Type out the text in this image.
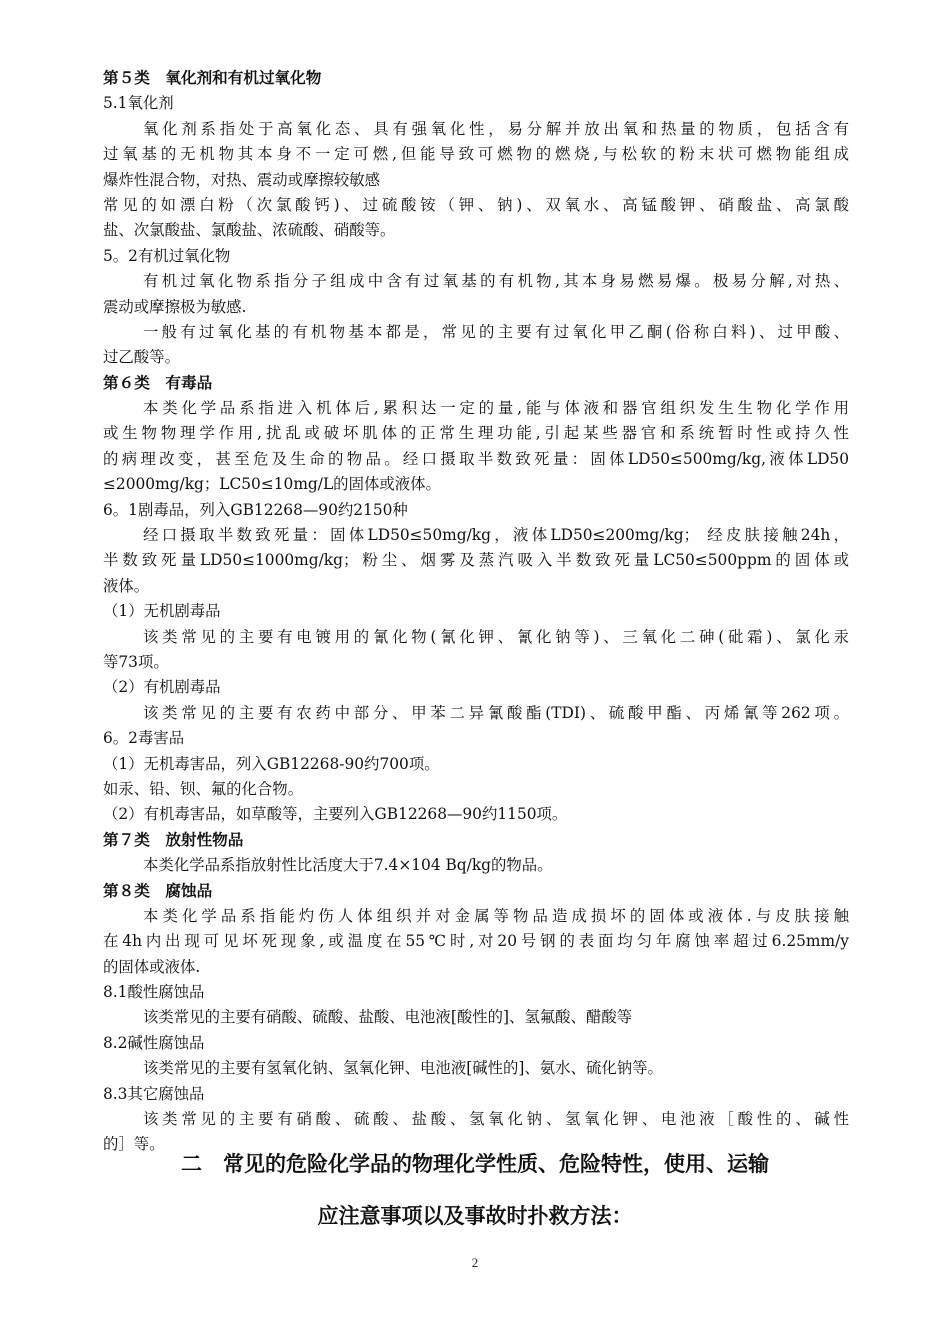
第５类　氧化剂和有机过氧化物
5.1氧化剂
氧化剂系指处于高氧化态、具有强氧化性，易分解并放出氧和热量的物质，包括含有
过氧基的无机物其本身不一定可燃,但能导致可燃物的燃烧,与松软的粉末状可燃物能组成
爆炸性混合物，对热、震动或摩擦较敏感
常见的如漂白粉（次氯酸钙)、过硫酸铵（钾、钠)、双氧水、高锰酸钾、硝酸盐、高氯酸
盐、次氯酸盐、氯酸盐、浓硫酸、硝酸等。
5。2有机过氧化物
有机过氧化物系指分子组成中含有过氧基的有机物,其本身易燃易爆。极易分解,对热、
震动或摩擦极为敏感.
一般有过氧化基的有机物基本都是，常见的主要有过氧化甲乙酮(俗称白料)、过甲酸、
过乙酸等。
第６类　有毒品
本类化学品系指进入机体后,累积达一定的量,能与体液和器官组织发生生物化学作用
或生物物理学作用,扰乱或破坏肌体的正常生理功能,引起某些器官和系统暂时性或持久性
的病理改变，甚至危及生命的物品。经口摄取半数致死量：固体LD50≤500mg/kg,液体LD50
≤2000mg/kg；LC50≤10mg/L的固体或液体。
6。1剧毒品，列入GB12268—90约2150种
经口摄取半数致死量：固体LD50≤50mg/kg，液体LD50≤200mg/kg； 经皮肤接触24h，
半数致死量LD50≤1000mg/kg；粉尘、烟雾及蒸汽吸入半数致死量LC50≤500ppm的固体或
液体。
（1）无机剧毒品
该类常见的主要有电镀用的氰化物(氰化钾、氰化钠等)、三氧化二砷(砒霜)、氯化汞
等73项。
（2）有机剧毒品
该类常见的主要有农药中部分、甲苯二异氰酸酯(TDI)、硫酸甲酯、丙烯氰等262项。
6。2毒害品
（1）无机毒害品，列入GB12268-90约700项。
如汞、铅、钡、氟的化合物。
（2）有机毒害品，如草酸等，主要列入GB12268—90约1150项。
第７类　放射性物品
本类化学品系指放射性比活度大于7.4×104 Bq/kg的物品。
第８类　腐蚀品
本类化学品系指能灼伤人体组织并对金属等物品造成损坏的固体或液体.与皮肤接触
在4h内出现可见坏死现象,或温度在55℃时,对20号钢的表面均匀年腐蚀率超过6.25mm/y
的固体或液体.
8.1酸性腐蚀品
该类常见的主要有硝酸、硫酸、盐酸、电池液[酸性的]、氢氟酸、醋酸等
8.2碱性腐蚀品
该类常见的主要有氢氧化钠、氢氧化钾、电池液[碱性的]、氨水、硫化钠等。
8.3其它腐蚀品
该类常见的主要有硝酸、硫酸、盐酸、氢氧化钠、氢氧化钾、电池液［酸性的、碱性
的］等。
二　常见的危险化学品的物理化学性质、危险特性，使用、运输
应注意事项以及事故时扑救方法：
2
